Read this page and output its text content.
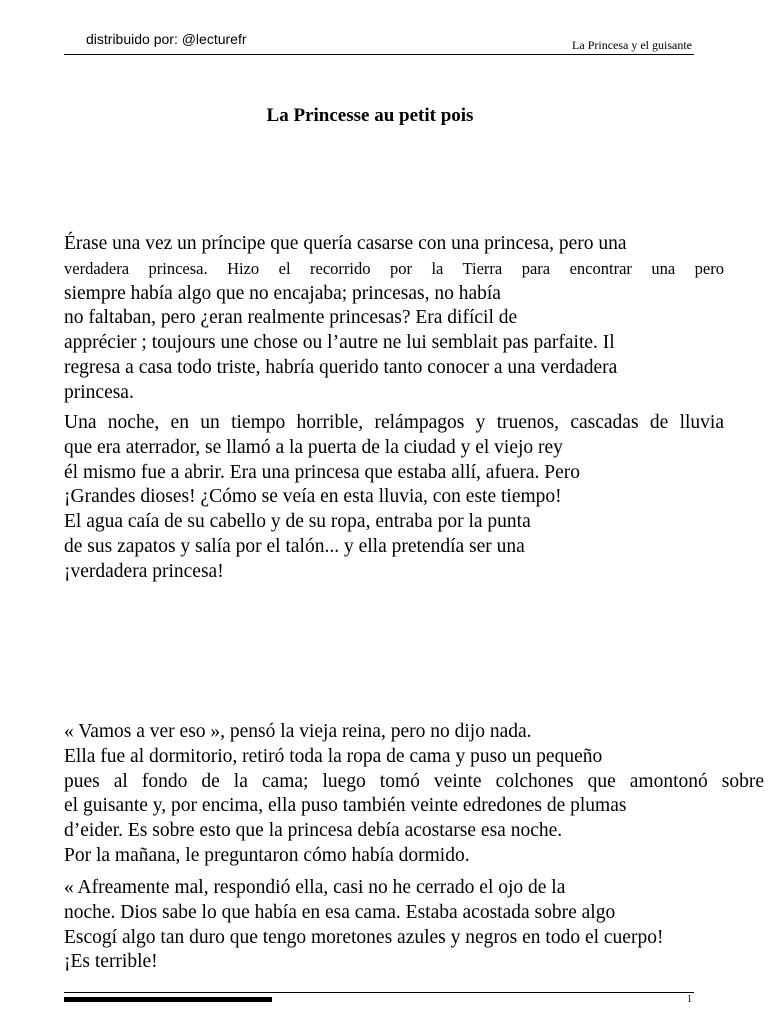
distribuido por: @lecturefr	La Princesa y el guisante
La Princesse au petit pois
Érase una vez un príncipe que quería casarse con una princesa, pero una
verdadera princesa. Hizo el recorrido por la Tierra para encontrar una pero
siempre había algo que no encajaba; princesas, no había
no faltaban, pero ¿eran realmente princesas? Era difícil de
apprécier ; toujours une chose ou l’autre ne lui semblait pas parfaite. Il
regresa a casa todo triste, habría querido tanto conocer a una verdadera
princesa.
Una noche, en un tiempo horrible, relámpagos y truenos, cascadas de lluvia
que era aterrador, se llamó a la puerta de la ciudad y el viejo rey
él mismo fue a abrir. Era una princesa que estaba allí, afuera. Pero
¡Grandes dioses! ¿Cómo se veía en esta lluvia, con este tiempo!
El agua caía de su cabello y de su ropa, entraba por la punta
de sus zapatos y salía por el talón... y ella pretendía ser una
¡verdadera princesa!
« Vamos a ver eso », pensó la vieja reina, pero no dijo nada.
Ella fue al dormitorio, retiró toda la ropa de cama y puso un pequeño
pues al fondo de la cama; luego tomó veinte colchones que amontonó sobre
el guisante y, por encima, ella puso también veinte edredones de plumas
d’eider. Es sobre esto que la princesa debía acostarse esa noche.
Por la mañana, le preguntaron cómo había dormido.
« Afreamente mal, respondió ella, casi no he cerrado el ojo de la
noche. Dios sabe lo que había en esa cama. Estaba acostada sobre algo
Escogí algo tan duro que tengo moretones azules y negros en todo el cuerpo!
¡Es terrible!
1
